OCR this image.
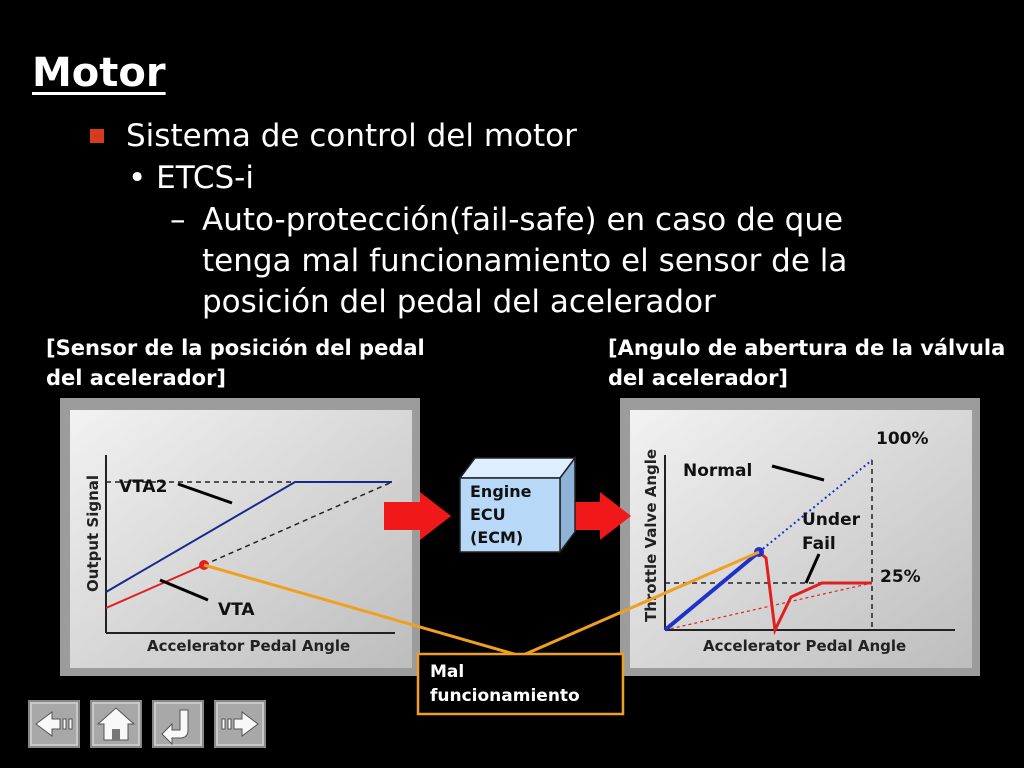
Motor
Sistema de control del motor
• ETCS-i
– Auto-protección(fail-safe) en caso de que tenga mal funcionamiento el sensor de la posición del pedal del acelerador
[Sensor de la posición del pedal del acelerador]
[Angulo de abertura de la válvula del acelerador]
VTA2
VTA
Accelerator Pedal Angle
Output Signal
100%
25%
Normal
Under
Fail
Accelerator Pedal Angle
Throttle Valve Angle
Engine
ECU
(ECM)
Mal
funcionamiento
